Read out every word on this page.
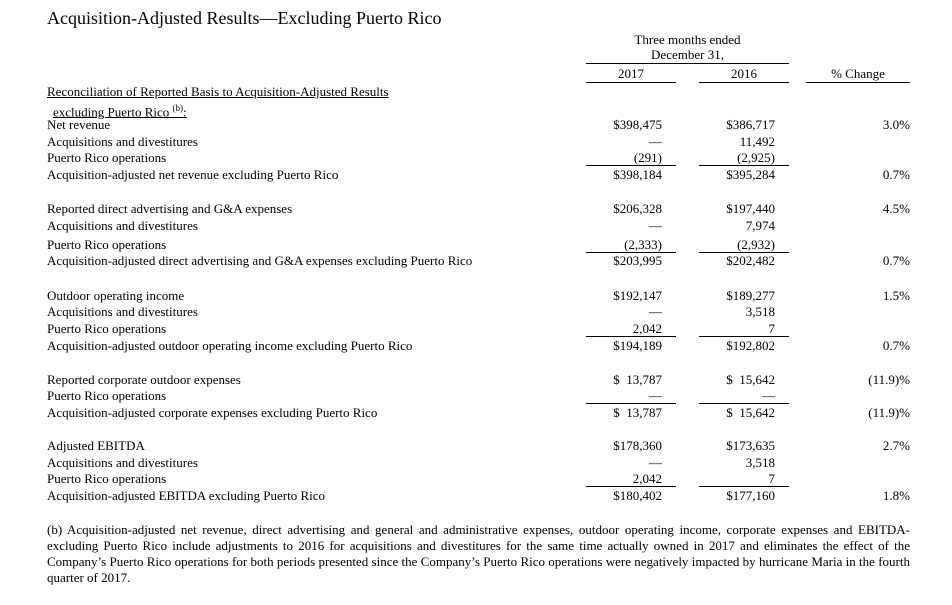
Acquisition-Adjusted Results—Excluding Puerto Rico
Three months ended
December 31,
2017	2016	% Change
Reconciliation of Reported Basis to Acquisition-Adjusted Results
excluding Puerto Rico $^{(b)}$:
Net revenue	$398,475	$386,717	3.0%
Acquisitions and divestitures	—	11,492
Puerto Rico operations	(291)	(2,925)
Acquisition-adjusted net revenue excluding Puerto Rico	$398,184	$395,284	0.7%
Reported direct advertising and G&A expenses	$206,328	$197,440	4.5%
Acquisitions and divestitures	—	7,974
Puerto Rico operations	(2,333)	(2,932)
Acquisition-adjusted direct advertising and G&A expenses excluding Puerto Rico	$203,995	$202,482	0.7%
Outdoor operating income	$192,147	$189,277	1.5%
Acquisitions and divestitures	—	3,518
Puerto Rico operations	2,042	7
Acquisition-adjusted outdoor operating income excluding Puerto Rico	$194,189	$192,802	0.7%
Reported corporate outdoor expenses	$  13,787	$  15,642	(11.9)%
Puerto Rico operations	—	—
Acquisition-adjusted corporate expenses excluding Puerto Rico	$  13,787	$  15,642	(11.9)%
Adjusted EBITDA	$178,360	$173,635	2.7%
Acquisitions and divestitures	—	3,518
Puerto Rico operations	2,042	7
Acquisition-adjusted EBITDA excluding Puerto Rico	$180,402	$177,160	1.8%
(b) Acquisition-adjusted net revenue, direct advertising and general and administrative expenses, outdoor operating income, corporate expenses and EBITDA-excluding Puerto Rico include adjustments to 2016 for acquisitions and divestitures for the same time actually owned in 2017 and eliminates the effect of the Company’s Puerto Rico operations for both periods presented since the Company’s Puerto Rico operations were negatively impacted by hurricane Maria in the fourth quarter of 2017.
